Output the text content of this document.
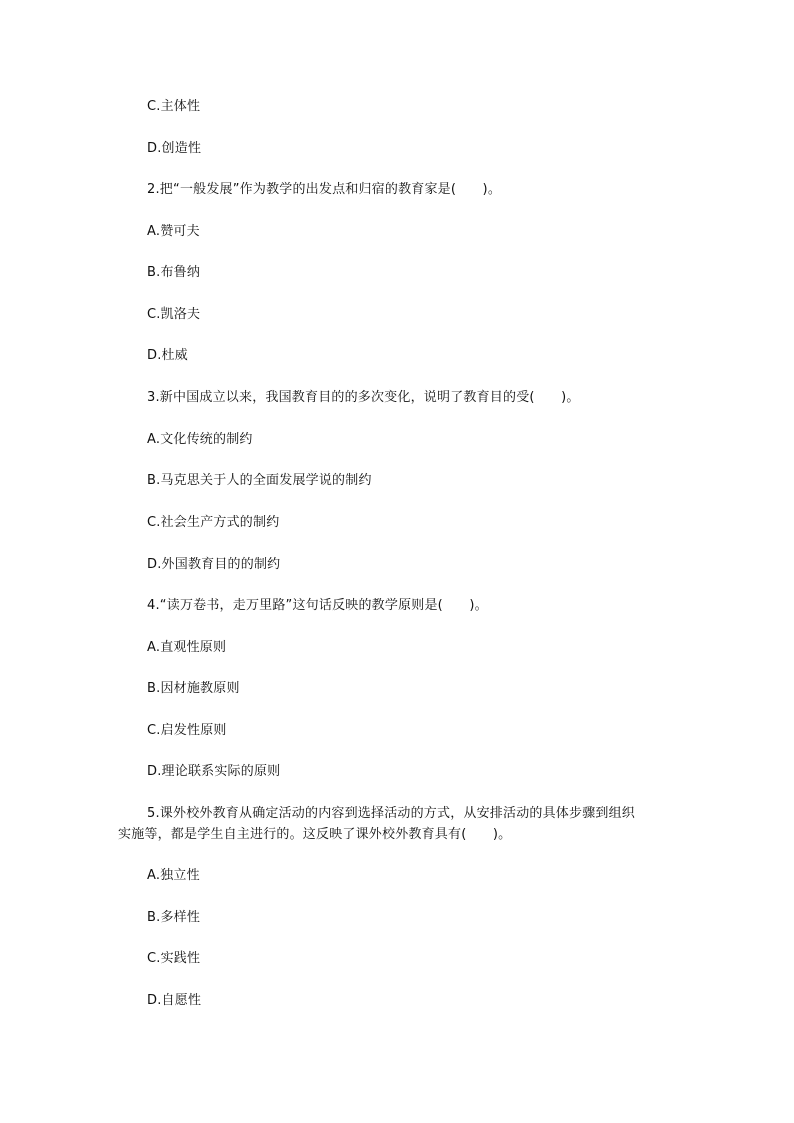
C.主体性
D.创造性
2.把“一般发展”作为教学的出发点和归宿的教育家是(　　)。
A.赞可夫
B.布鲁纳
C.凯洛夫
D.杜威
3.新中国成立以来，我国教育目的的多次变化，说明了教育目的受(　　)。
A.文化传统的制约
B.马克思关于人的全面发展学说的制约
C.社会生产方式的制约
D.外国教育目的的制约
4.“读万卷书，走万里路”这句话反映的教学原则是(　　)。
A.直观性原则
B.因材施教原则
C.启发性原则
D.理论联系实际的原则
5.课外校外教育从确定活动的内容到选择活动的方式，从安排活动的具体步骤到组织
实施等，都是学生自主进行的。这反映了课外校外教育具有(　　)。
A.独立性
B.多样性
C.实践性
D.自愿性
